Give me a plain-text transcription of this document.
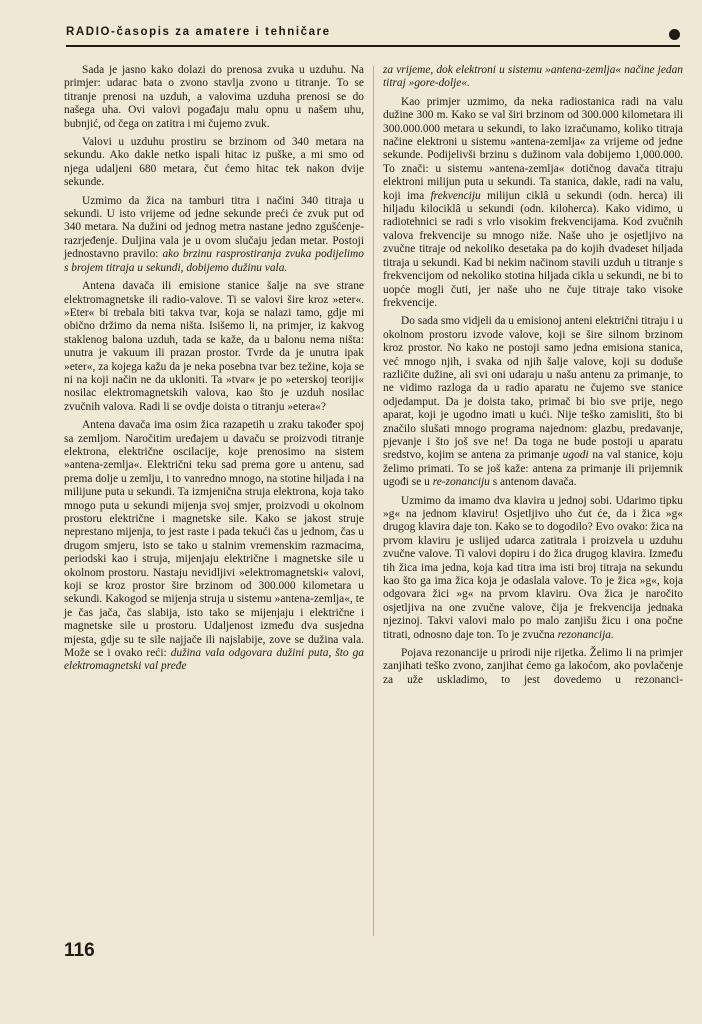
RADIO-časopis za amatere i tehničare

Sada je jasno kako dolazi do prenosa zvuka u uzduhu. Na primjer: udarac bata o zvono stavlja zvono u titranje. To se titranje prenosi na uzduh, a valovima uzduha prenosi se do našega uha. Ovi valovi pogađaju malu opnu u našem uhu, bubnjić, od čega on zatitra i mi čujemo zvuk.

Valovi u uzduhu prostiru se brzinom od 340 metara na sekundu. Ako dakle netko ispali hitac iz puške, a mi smo od njega udaljeni 680 metara, čut ćemo hitac tek nakon dvije sekunde.

Uzmimo da žica na tamburi titra i načini 340 titraja u sekundi. U isto vrijeme od jedne sekunde preći će zvuk put od 340 metara. Na dužini od jednog metra nastane jedno zgušćenje-razrjeđenje. Duljina vala je u ovom slučaju jedan metar. Postoji jednostavno pravilo: ako brzinu rasprostiranja zvuka podijelimo s brojem titraja u sekundi, dobijemo dužinu vala.

Antena davača ili emisione stanice šalje na sve strane elektromagnetske ili radio-valove. Ti se valovi šire kroz »eter«. »Eter« bi trebala biti takva tvar, koja se nalazi tamo, gdje mi obično držimo da nema ništa. Isišemo li, na primjer, iz kakvog staklenog balona uzduh, tada se kaže, da u balonu nema ništa: unutra je vakuum ili prazan prostor. Tvrde da je unutra ipak »eter«, za kojega kažu da je neka posebna tvar bez težine, koja se ni na koji način ne da ukloniti. Ta »tvar« je po »eterskoj teoriji« nosilac elektromagnetskih valova, kao što je uzduh nosilac zvučnih valova. Radi li se ovdje doista o titranju »etera«?

Antena davača ima osim žica razapetih u zraku također spoj sa zemljom. Naročitim uređajem u davaču se proizvodi titranje elektrona, električne oscilacije, koje prenosimo na sistem »antena-zemlja«. Električni teku sad prema gore u antenu, sad prema dolje u zemlju, i to vanredno mnogo, na stotine hiljada i na milijune puta u sekundi. Ta izmjenična struja elektrona, koja tako mnogo puta u sekundi mijenja svoj smjer, proizvodi u okolnom prostoru električne i magnetske sile. Kako se jakost struje neprestano mijenja, to jest raste i pada tekući čas u jednom, čas u drugom smjeru, isto se tako u stalnim vremenskim razmacima, periodski kao i struja, mijenjaju električne i magnetske sile u okolnom prostoru. Nastaju nevidljivi »elektromagnetski« valovi, koji se kroz prostor šire brzinom od 300.000 kilometara u sekundi. Kakogod se mijenja struja u sistemu »antena-zemlja«, te je čas jača, čas slabija, isto tako se mijenjaju i električne i magnetske sile u prostoru. Udaljenost između dva susjedna mjesta, gdje su te sile najjače ili najslabije, zove se dužina vala. Može se i ovako reći: dužina vala odgovara dužini puta, što ga elektromagnetski val pređe

za vrijeme, dok elektroni u sistemu »antena-zemlja« načine jedan titraj »gore-dolje«.

Kao primjer uzmimo, da neka radiostanica radi na valu dužine 300 m. Kako se val širi brzinom od 300.000 kilometara ili 300.000.000 metara u sekundi, to lako izračunamo, koliko titraja načine elektroni u sistemu »antena-zemlja« za vrijeme od jedne sekunde. Podijelivši brzinu s dužinom vala dobijemo 1,000.000. To znači: u sistemu »antena-zemlja« dotičnog davača titraju elektroni milijun puta u sekundi. Ta stanica, dakle, radi na valu, koji ima frekvenciju milijun ciklâ u sekundi (odn. herca) ili hiljadu kilociklâ u sekundi (odn. kiloherca). Kako vidimo, u radiotehnici se radi s vrlo visokim frekvencijama. Kod zvučnih valova frekvencije su mnogo niže. Naše uho je osjetljivo na zvučne titraje od nekoliko desetaka pa do kojih dvadeset hiljada titraja u sekundi. Kad bi nekim načinom stavili uzduh u titranje s frekvencijom od nekoliko stotina hiljada cikla u sekundi, ne bi to uopće mogli čuti, jer naše uho ne čuje titraje tako visoke frekvencije.

Do sada smo vidjeli da u emisionoj anteni električni titraju i u okolnom prostoru izvode valove, koji se šire silnom brzinom kroz prostor. No kako ne postoji samo jedna emisiona stanica, već mnogo njih, i svaka od njih šalje valove, koji su doduše različite dužine, ali svi oni udaraju u našu antenu za primanje, to ne vidimo razloga da u radio aparatu ne čujemo sve stanice odjedamput. Da je doista tako, primač bi bio sve prije, nego aparat, koji je ugodno imati u kući. Nije teško zamisliti, što bi značilo slušati mnogo programa najednom: glazbu, predavanje, pjevanje i što još sve ne! Da toga ne bude postoji u aparatu sredstvo, kojim se antena za primanje ugodi na val stanice, koju želimo primati. To se još kaže: antena za primanje ili prijemnik ugođi se u re-zonanciju s antenom davača.

Uzmimo da imamo dva klavira u jednoj sobi. Udarimo tipku »g« na jednom klaviru! Osjetljivo uho čut će, da i žica »g« drugog klavira daje ton. Kako se to dogodilo? Evo ovako: žica na prvom klaviru je uslijed udarca zatitrala i proizvela u uzduhu zvučne valove. Ti valovi dopiru i do žica drugog klavira. Između tih žica ima jedna, koja kad titra ima isti broj titraja na sekundu kao što ga ima žica koja je odaslala valove. To je žica »g«, koja odgovara žici »g« na prvom klaviru. Ova žica je naročito osjetljiva na one zvučne valove, čija je frekvencija jednaka njezinoj. Takvi valovi malo po malo zanjišu žicu i ona počne titrati, odnosno daje ton. To je zvučna rezonancija.

Pojava rezonancije u prirodi nije rijetka. Želimo li na primjer zanjihati teško zvono, zanjihat ćemo ga lakoćom, ako povlačenje za uže uskladimo, to jest dovedemo u rezonanci-

116
